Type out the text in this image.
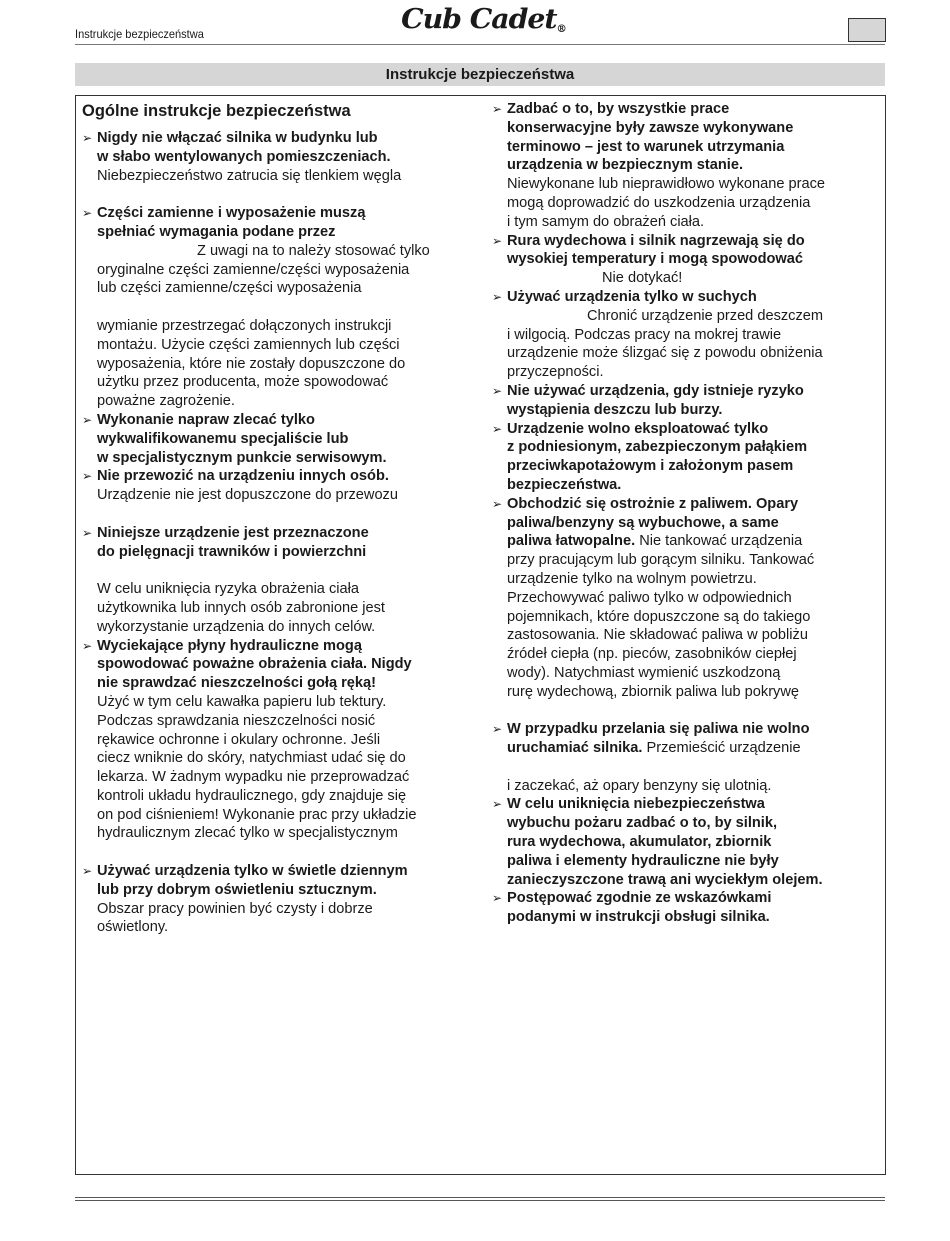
Instrukcje bezpieczeństwa	Cub Cadet®
Instrukcje bezpieczeństwa
Ogólne instrukcje bezpieczeństwa
➢ Nigdy nie włączać silnika w budynku lub
w słabo wentylowanych pomieszczeniach.
Niebezpieczeństwo zatrucia się tlenkiem węgla
➢ Części zamienne i wyposażenie muszą
spełniać wymagania podane przez
Z uwagi na to należy stosować tylko
oryginalne części zamienne/części wyposażenia
lub części zamienne/części wyposażenia
wymianie przestrzegać dołączonych instrukcji
montażu. Użycie części zamiennych lub części
wyposażenia, które nie zostały dopuszczone do
użytku przez producenta, może spowodować
poważne zagrożenie.
➢ Wykonanie napraw zlecać tylko
wykwalifikowanemu specjaliście lub
w specjalistycznym punkcie serwisowym.
➢ Nie przewozić na urządzeniu innych osób.
Urządzenie nie jest dopuszczone do przewozu
➢ Niniejsze urządzenie jest przeznaczone
do pielęgnacji trawników i powierzchni
W celu uniknięcia ryzyka obrażenia ciała
użytkownika lub innych osób zabronione jest
wykorzystanie urządzenia do innych celów.
➢ Wyciekające płyny hydrauliczne mogą
spowodować poważne obrażenia ciała. Nigdy
nie sprawdzać nieszczelności gołą ręką!
Użyć w tym celu kawałka papieru lub tektury.
Podczas sprawdzania nieszczelności nosić
rękawice ochronne i okulary ochronne. Jeśli
ciecz wniknie do skóry, natychmiast udać się do
lekarza. W żadnym wypadku nie przeprowadzać
kontroli układu hydraulicznego, gdy znajduje się
on pod ciśnieniem! Wykonanie prac przy układzie
hydraulicznym zlecać tylko w specjalistycznym
➢ Używać urządzenia tylko w świetle dziennym
lub przy dobrym oświetleniu sztucznym.
Obszar pracy powinien być czysty i dobrze
oświetlony.
➢ Zadbać o to, by wszystkie prace
konserwacyjne były zawsze wykonywane
terminowo – jest to warunek utrzymania
urządzenia w bezpiecznym stanie.
Niewykonane lub nieprawidłowo wykonane prace
mogą doprowadzić do uszkodzenia urządzenia
i tym samym do obrażeń ciała.
➢ Rura wydechowa i silnik nagrzewają się do
wysokiej temperatury i mogą spowodować
Nie dotykać!
➢ Używać urządzenia tylko w suchych
Chronić urządzenie przed deszczem
i wilgocią. Podczas pracy na mokrej trawie
urządzenie może ślizgać się z powodu obniżenia
przyczepności.
➢ Nie używać urządzenia, gdy istnieje ryzyko
wystąpienia deszczu lub burzy.
➢ Urządzenie wolno eksploatować tylko
z podniesionym, zabezpieczonym pałąkiem
przeciwkapotażowym i założonym pasem
bezpieczeństwa.
➢ Obchodzić się ostrożnie z paliwem. Opary
paliwa/benzyny są wybuchowe, a same
paliwa łatwopalne. Nie tankować urządzenia
przy pracującym lub gorącym silniku. Tankować
urządzenie tylko na wolnym powietrzu.
Przechowywać paliwo tylko w odpowiednich
pojemnikach, które dopuszczone są do takiego
zastosowania. Nie składować paliwa w pobliżu
źródeł ciepła (np. pieców, zasobników ciepłej
wody). Natychmiast wymienić uszkodzoną
rurę wydechową, zbiornik paliwa lub pokrywę
➢ W przypadku przelania się paliwa nie wolno
uruchamiać silnika. Przemieścić urządzenie
i zaczekać, aż opary benzyny się ulotnią.
➢ W celu uniknięcia niebezpieczeństwa
wybuchu pożaru zadbać o to, by silnik,
rura wydechowa, akumulator, zbiornik
paliwa i elementy hydrauliczne nie były
zanieczyszczone trawą ani wyciekłym olejem.
➢ Postępować zgodnie ze wskazówkami
podanymi w instrukcji obsługi silnika.
